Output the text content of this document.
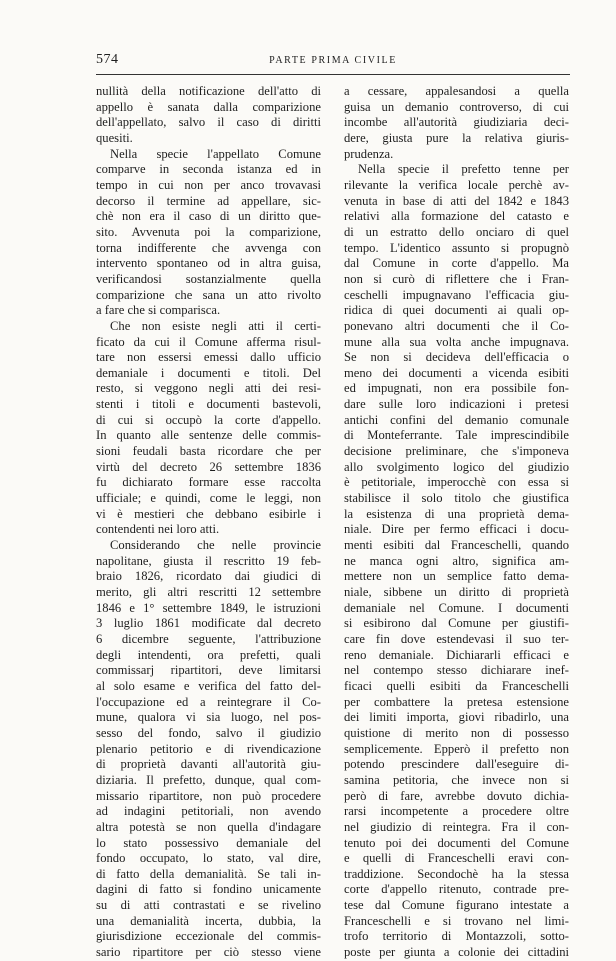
574	PARTE PRIMA CIVILE
nullità della notificazione dell'atto di
appello è sanata dalla comparizione
dell'appellato, salvo il caso di diritti
quesiti.
Nella specie l'appellato Comune
comparve in seconda istanza ed in
tempo in cui non per anco trovavasi
decorso il termine ad appellare, sic-
chè non era il caso di un diritto que-
sito. Avvenuta poi la comparizione,
torna indifferente che avvenga con
intervento spontaneo od in altra guisa,
verificandosi sostanzialmente quella
comparizione che sana un atto rivolto
a fare che si comparisca.
Che non esiste negli atti il certi-
ficato da cui il Comune afferma risul-
tare non essersi emessi dallo ufficio
demaniale i documenti e titoli. Del
resto, si veggono negli atti dei resi-
stenti i titoli e documenti bastevoli,
di cui si occupò la corte d'appello.
In quanto alle sentenze delle commis-
sioni feudali basta ricordare che per
virtù del decreto 26 settembre 1836
fu dichiarato formare esse raccolta
ufficiale; e quindi, come le leggi, non
vi è mestieri che debbano esibirle i
contendenti nei loro atti.
Considerando che nelle provincie
napolitane, giusta il rescritto 19 feb-
braio 1826, ricordato dai giudici di
merito, gli altri rescritti 12 settembre
1846 e 1° settembre 1849, le istruzioni
3 luglio 1861 modificate dal decreto
6 dicembre seguente, l'attribuzione
degli intendenti, ora prefetti, quali
commissarj ripartitori, deve limitarsi
al solo esame e verifica del fatto del-
l'occupazione ed a reintegrare il Co-
mune, qualora vi sia luogo, nel pos-
sesso del fondo, salvo il giudizio
plenario petitorio e di rivendicazione
di proprietà davanti all'autorità giu-
diziaria. Il prefetto, dunque, qual com-
missario ripartitore, non può procedere
ad indagini petitoriali, non avendo
altra potestà se non quella d'indagare
lo stato possessivo demaniale del
fondo occupato, lo stato, val dire,
di fatto della demanialità. Se tali in-
dagini di fatto si fondino unicamente
su di atti contrastati e se rivelino
una demanialità incerta, dubbia, la
giurisdizione eccezionale del commis-
sario ripartitore per ciò stesso viene
a cessare, appalesandosi a quella
guisa un demanio controverso, di cui
incombe all'autorità giudiziaria deci-
dere, giusta pure la relativa giuris-
prudenza.
Nella specie il prefetto tenne per
rilevante la verifica locale perchè av-
venuta in base di atti del 1842 e 1843
relativi alla formazione del catasto e
di un estratto dello onciaro di quel
tempo. L'identico assunto si propugnò
dal Comune in corte d'appello. Ma
non si curò di riflettere che i Fran-
ceschelli impugnavano l'efficacia giu-
ridica di quei documenti ai quali op-
ponevano altri documenti che il Co-
mune alla sua volta anche impugnava.
Se non si decideva dell'efficacia o
meno dei documenti a vicenda esibiti
ed impugnati, non era possibile fon-
dare sulle loro indicazioni i pretesi
antichi confini del demanio comunale
di Monteferrante. Tale imprescindibile
decisione preliminare, che s'imponeva
allo svolgimento logico del giudizio
è petitoriale, imperocchè con essa si
stabilisce il solo titolo che giustifica
la esistenza di una proprietà dema-
niale. Dire per fermo efficaci i docu-
menti esibiti dal Franceschelli, quando
ne manca ogni altro, significa am-
mettere non un semplice fatto dema-
niale, sibbene un diritto di proprietà
demaniale nel Comune. I documenti
si esibirono dal Comune per giustifi-
care fin dove estendevasi il suo ter-
reno demaniale. Dichiararli efficaci e
nel contempo stesso dichiarare inef-
ficaci quelli esibiti da Franceschelli
per combattere la pretesa estensione
dei limiti importa, giovi ribadirlo, una
quistione di merito non di possesso
semplicemente. Epperò il prefetto non
potendo prescindere dall'eseguire di-
samina petitoria, che invece non si
però di fare, avrebbe dovuto dichia-
rarsi incompetente a procedere oltre
nel giudizio di reintegra. Fra il con-
tenuto poi dei documenti del Comune
e quelli di Franceschelli eravi con-
traddizione. Secondochè ha la stessa
corte d'appello ritenuto, contrade pre-
tese dal Comune figurano intestate a
Franceschelli e si trovano nel limi-
trofo territorio di Montazzoli, sotto-
poste per giunta a colonie dei cittadini
